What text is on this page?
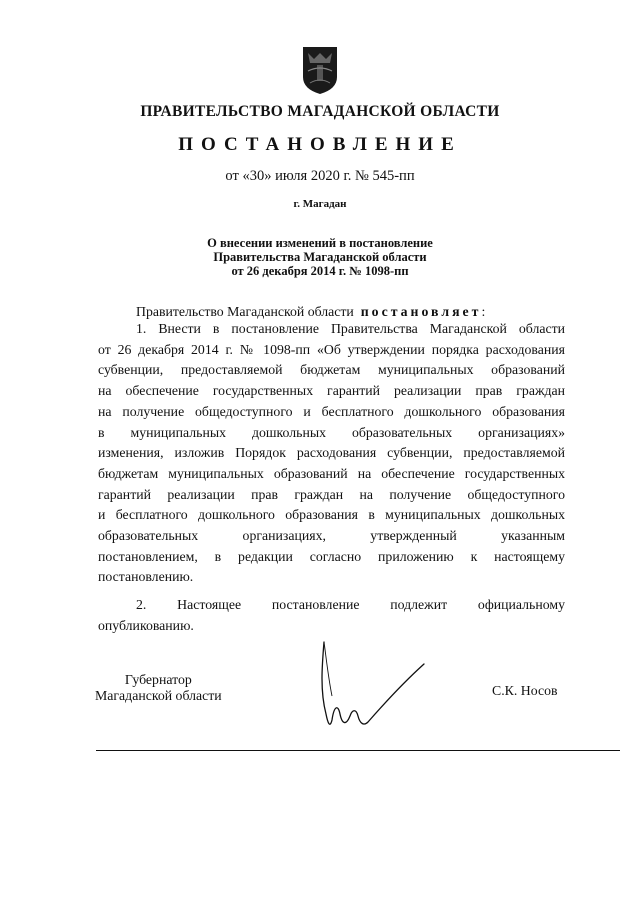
ПРАВИТЕЛЬСТВО МАГАДАНСКОЙ ОБЛАСТИ
ПОСТАНОВЛЕНИЕ
от «30» июля 2020 г. № 545-пп
г. Магадан
О внесении изменений в постановление
Правительства Магаданской области
от 26 декабря 2014 г. № 1098-пп
Правительство Магаданской области постановляет:
1. Внести в постановление Правительства Магаданской области
от 26 декабря 2014 г. № 1098-пп «Об утверждении порядка расходования
субвенции, предоставляемой бюджетам муниципальных образований
на обеспечение государственных гарантий реализации прав граждан
на получение общедоступного и бесплатного дошкольного образования
в муниципальных дошкольных образовательных организациях»
изменения, изложив Порядок расходования субвенции, предоставляемой
бюджетам муниципальных образований на обеспечение государственных
гарантий реализации прав граждан на получение общедоступного
и бесплатного дошкольного образования в муниципальных дошкольных
образовательных организациях, утвержденный указанным
постановлением, в редакции согласно приложению к настоящему
постановлению.
2. Настоящее постановление подлежит официальному
опубликованию.
Губернатор
Магаданской области	С.К. Носов
